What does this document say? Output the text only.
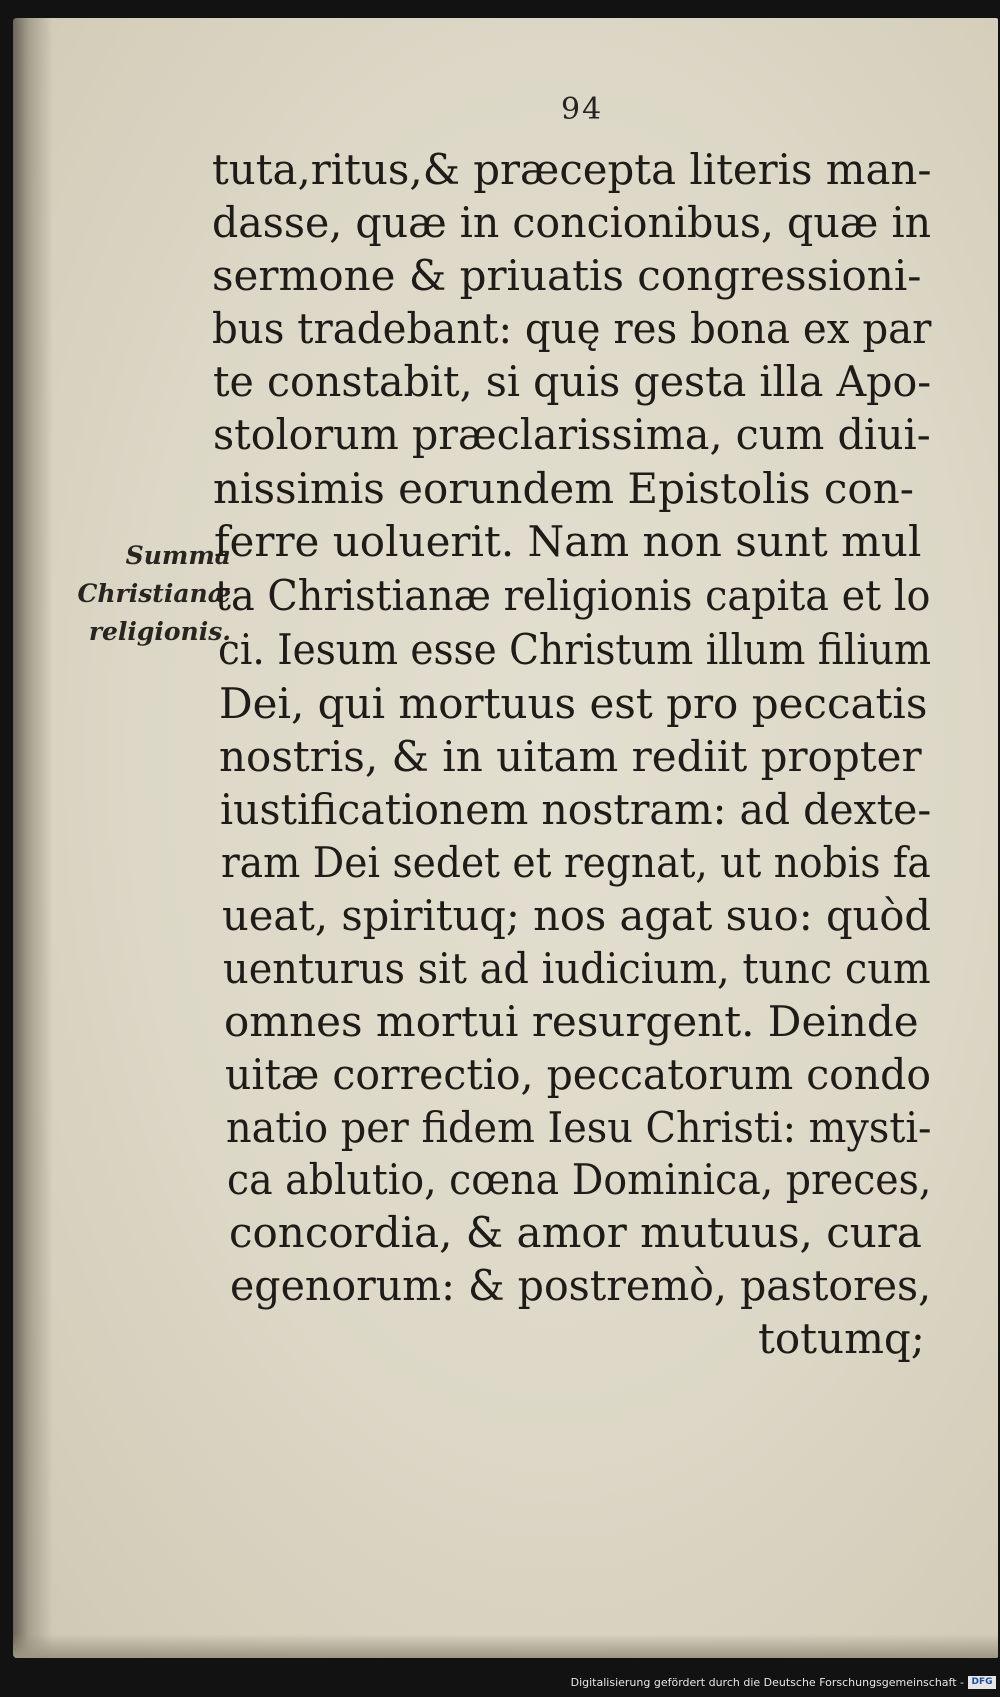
94
Summa
Christianæ
religionis.
tuta,ritus,& præcepta literis man-
dasse, quæ in concionibus, quæ in
sermone & priuatis congressioni-
bus tradebant: quę res bona ex par
te constabit, si quis gesta illa Apo-
stolorum præclarissima, cum diui-
nissimis eorundem Epistolis con-
ferre uoluerit. Nam non sunt mul
ta Christianæ religionis capita et lo
ci. Iesum esse Christum illum filium
Dei, qui mortuus est pro peccatis
nostris, & in uitam rediit propter
iustificationem nostram: ad dexte-
ram Dei sedet et regnat, ut nobis fa
ueat, spirituq; nos agat suo: quòd
uenturus sit ad iudicium, tunc cum
omnes mortui resurgent. Deinde
uitæ correctio, peccatorum condo
natio per fidem Iesu Christi: mysti-
ca ablutio, cœna Dominica, preces,
concordia, & amor mutuus, cura
egenorum: & postremò, pastores,
totumq;
Digitalisierung gefördert durch die Deutsche Forschungsgemeinschaft - DFG
